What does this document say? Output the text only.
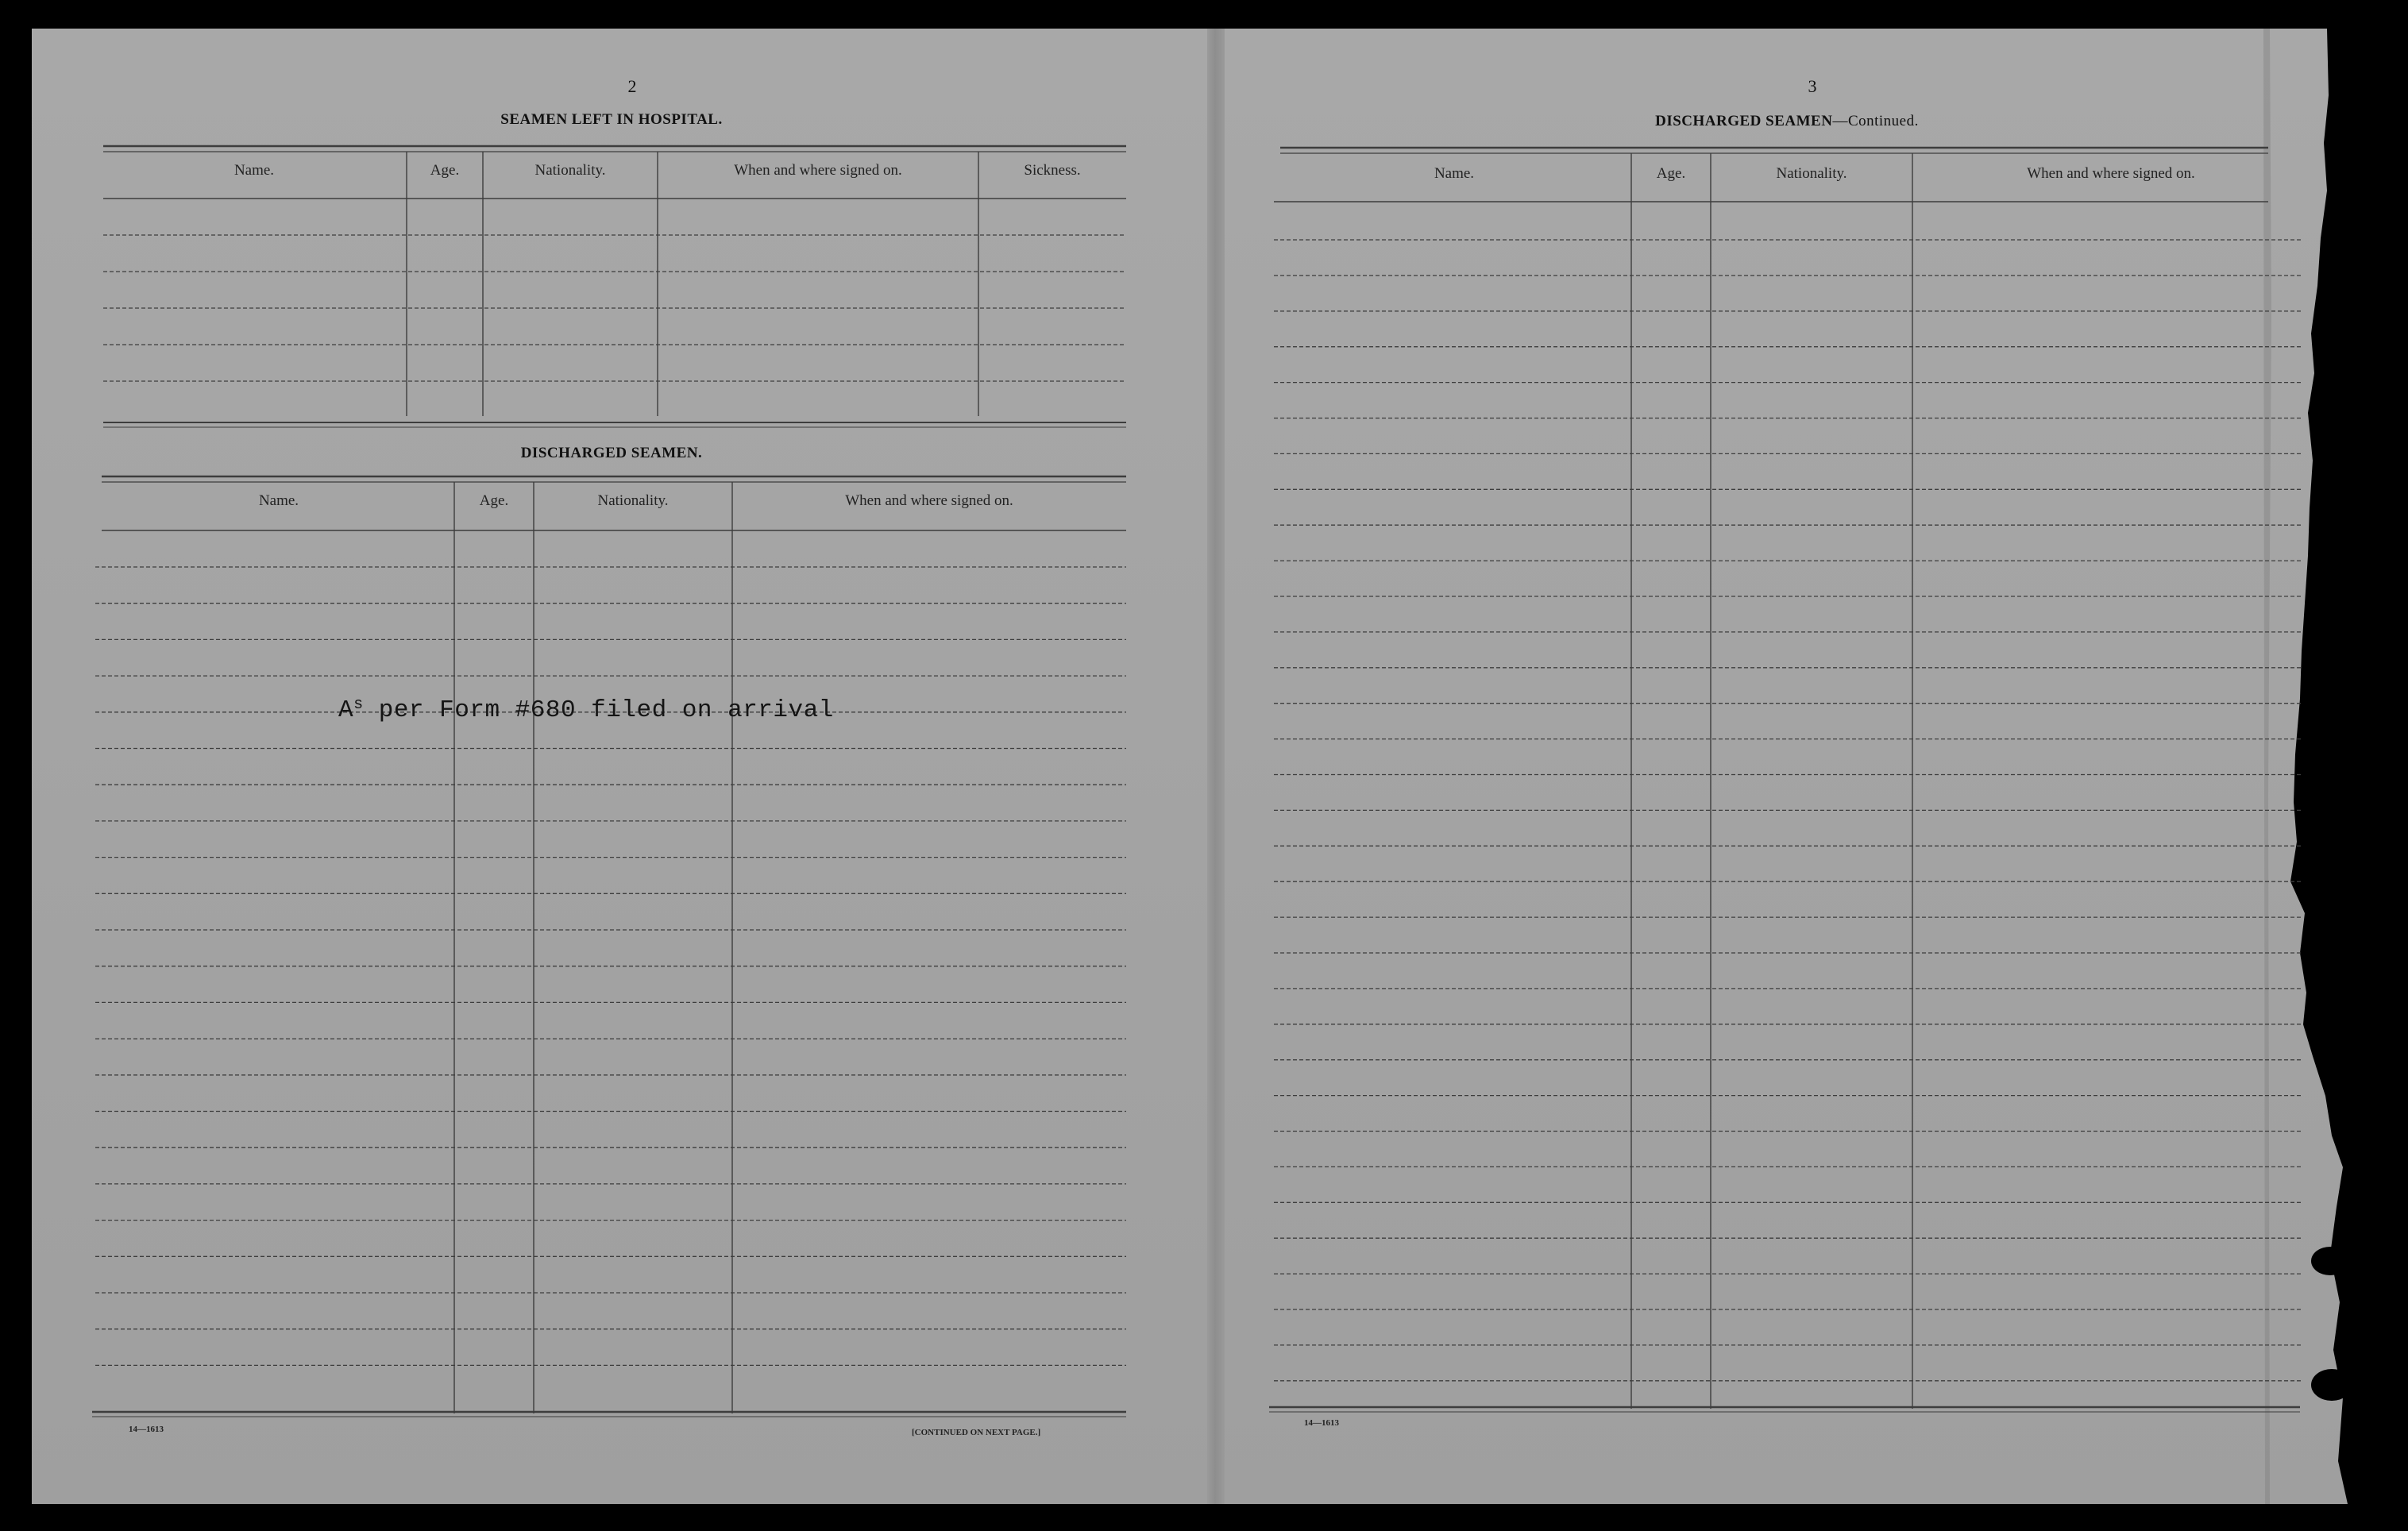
2
SEAMEN LEFT IN HOSPITAL.
Name.	Age.	Nationality.	When and where signed on.	Sickness.
DISCHARGED SEAMEN.
Name.	Age.	Nationality.	When and where signed on.
$A^s$ per Form #680 filed on arrival
14—1613	[CONTINUED ON NEXT PAGE.]
3
DISCHARGED SEAMEN—Continued.
Name.	Age.	Nationality.	When and where signed on.
14—1613
